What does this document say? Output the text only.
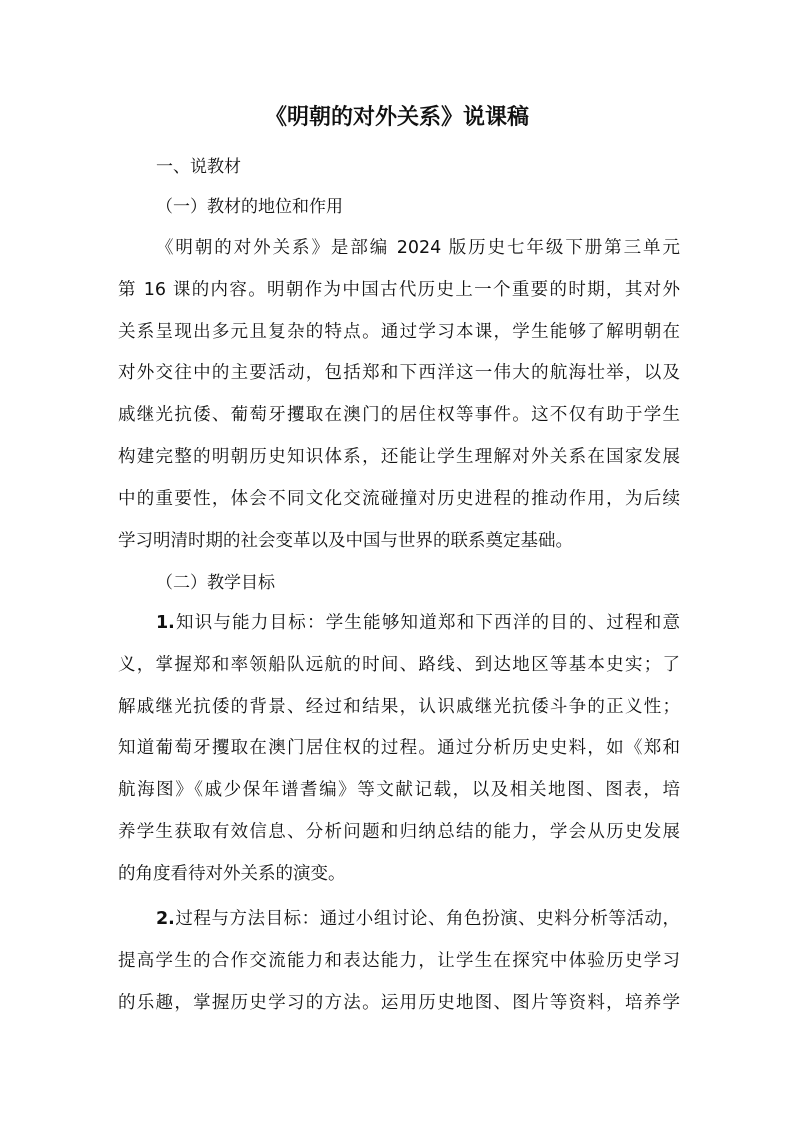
《明朝的对外关系》说课稿
一、说教材
（一）教材的地位和作用
《明朝的对外关系》是部编 2024 版历史七年级下册第三单元
第 16 课的内容。明朝作为中国古代历史上一个重要的时期，其对外
关系呈现出多元且复杂的特点。通过学习本课，学生能够了解明朝在
对外交往中的主要活动，包括郑和下西洋这一伟大的航海壮举，以及
戚继光抗倭、葡萄牙攫取在澳门的居住权等事件。这不仅有助于学生
构建完整的明朝历史知识体系，还能让学生理解对外关系在国家发展
中的重要性，体会不同文化交流碰撞对历史进程的推动作用，为后续
学习明清时期的社会变革以及中国与世界的联系奠定基础。
（二）教学目标
1.知识与能力目标：学生能够知道郑和下西洋的目的、过程和意
义，掌握郑和率领船队远航的时间、路线、到达地区等基本史实；了
解戚继光抗倭的背景、经过和结果，认识戚继光抗倭斗争的正义性；
知道葡萄牙攫取在澳门居住权的过程。通过分析历史史料，如《郑和
航海图》《戚少保年谱耆编》等文献记载，以及相关地图、图表，培
养学生获取有效信息、分析问题和归纳总结的能力，学会从历史发展
的角度看待对外关系的演变。
2.过程与方法目标：通过小组讨论、角色扮演、史料分析等活动，
提高学生的合作交流能力和表达能力，让学生在探究中体验历史学习
的乐趣，掌握历史学习的方法。运用历史地图、图片等资料，培养学
